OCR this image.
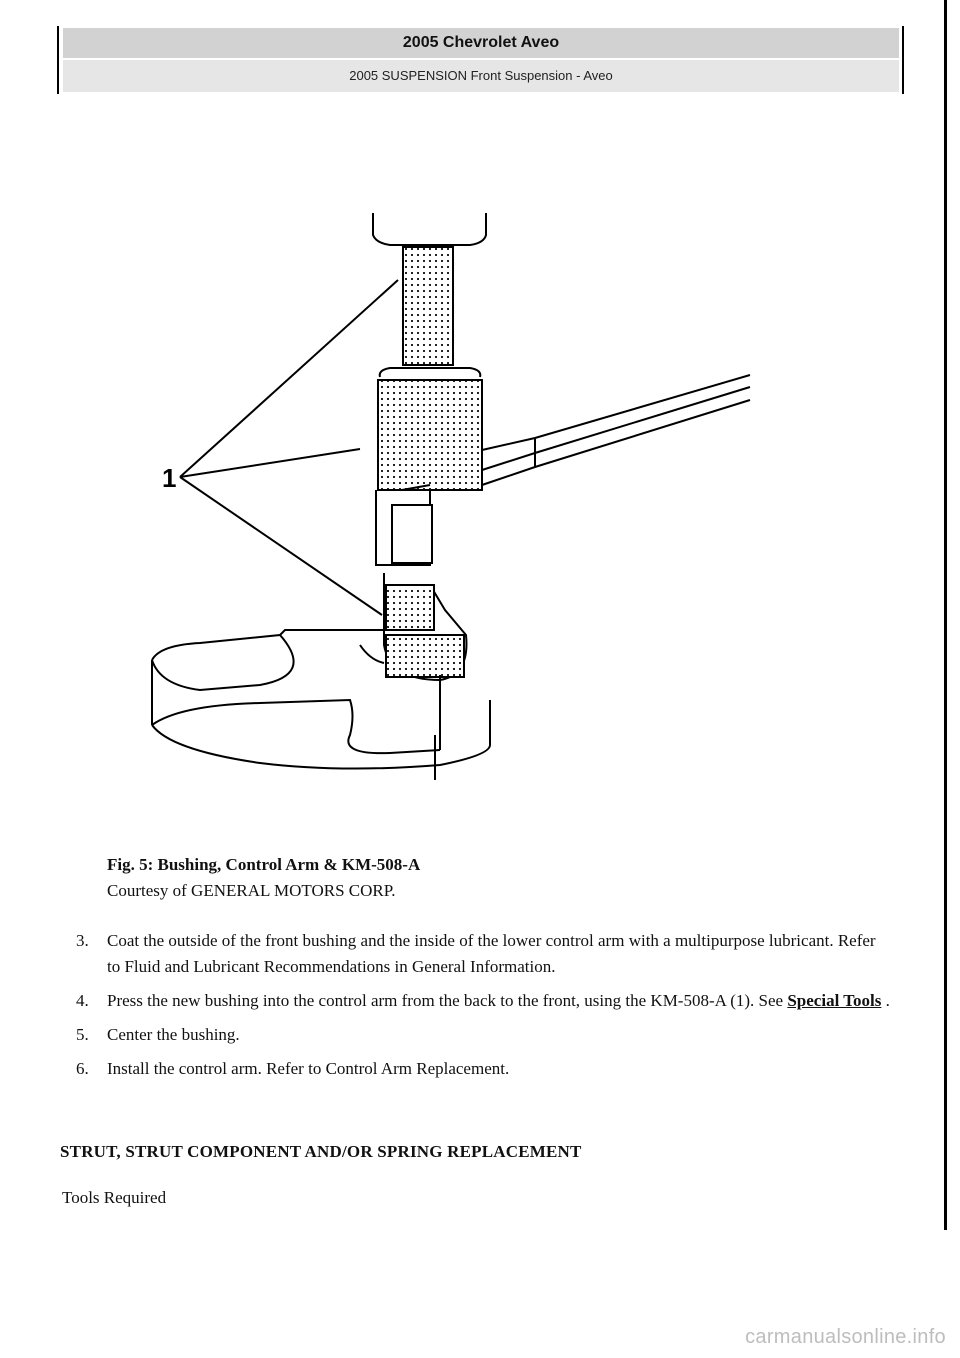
2005 Chevrolet Aveo
2005 SUSPENSION Front Suspension - Aveo
1
Fig. 5: Bushing, Control Arm & KM-508-A
Courtesy of GENERAL MOTORS CORP.
3. Coat the outside of the front bushing and the inside of the lower control arm with a multipurpose lubricant. Refer to Fluid and Lubricant Recommendations in General Information.
4. Press the new bushing into the control arm from the back to the front, using the KM-508-A (1). See Special Tools .
5. Center the bushing.
6. Install the control arm. Refer to Control Arm Replacement.
STRUT, STRUT COMPONENT AND/OR SPRING REPLACEMENT
Tools Required
carmanualsonline.info
